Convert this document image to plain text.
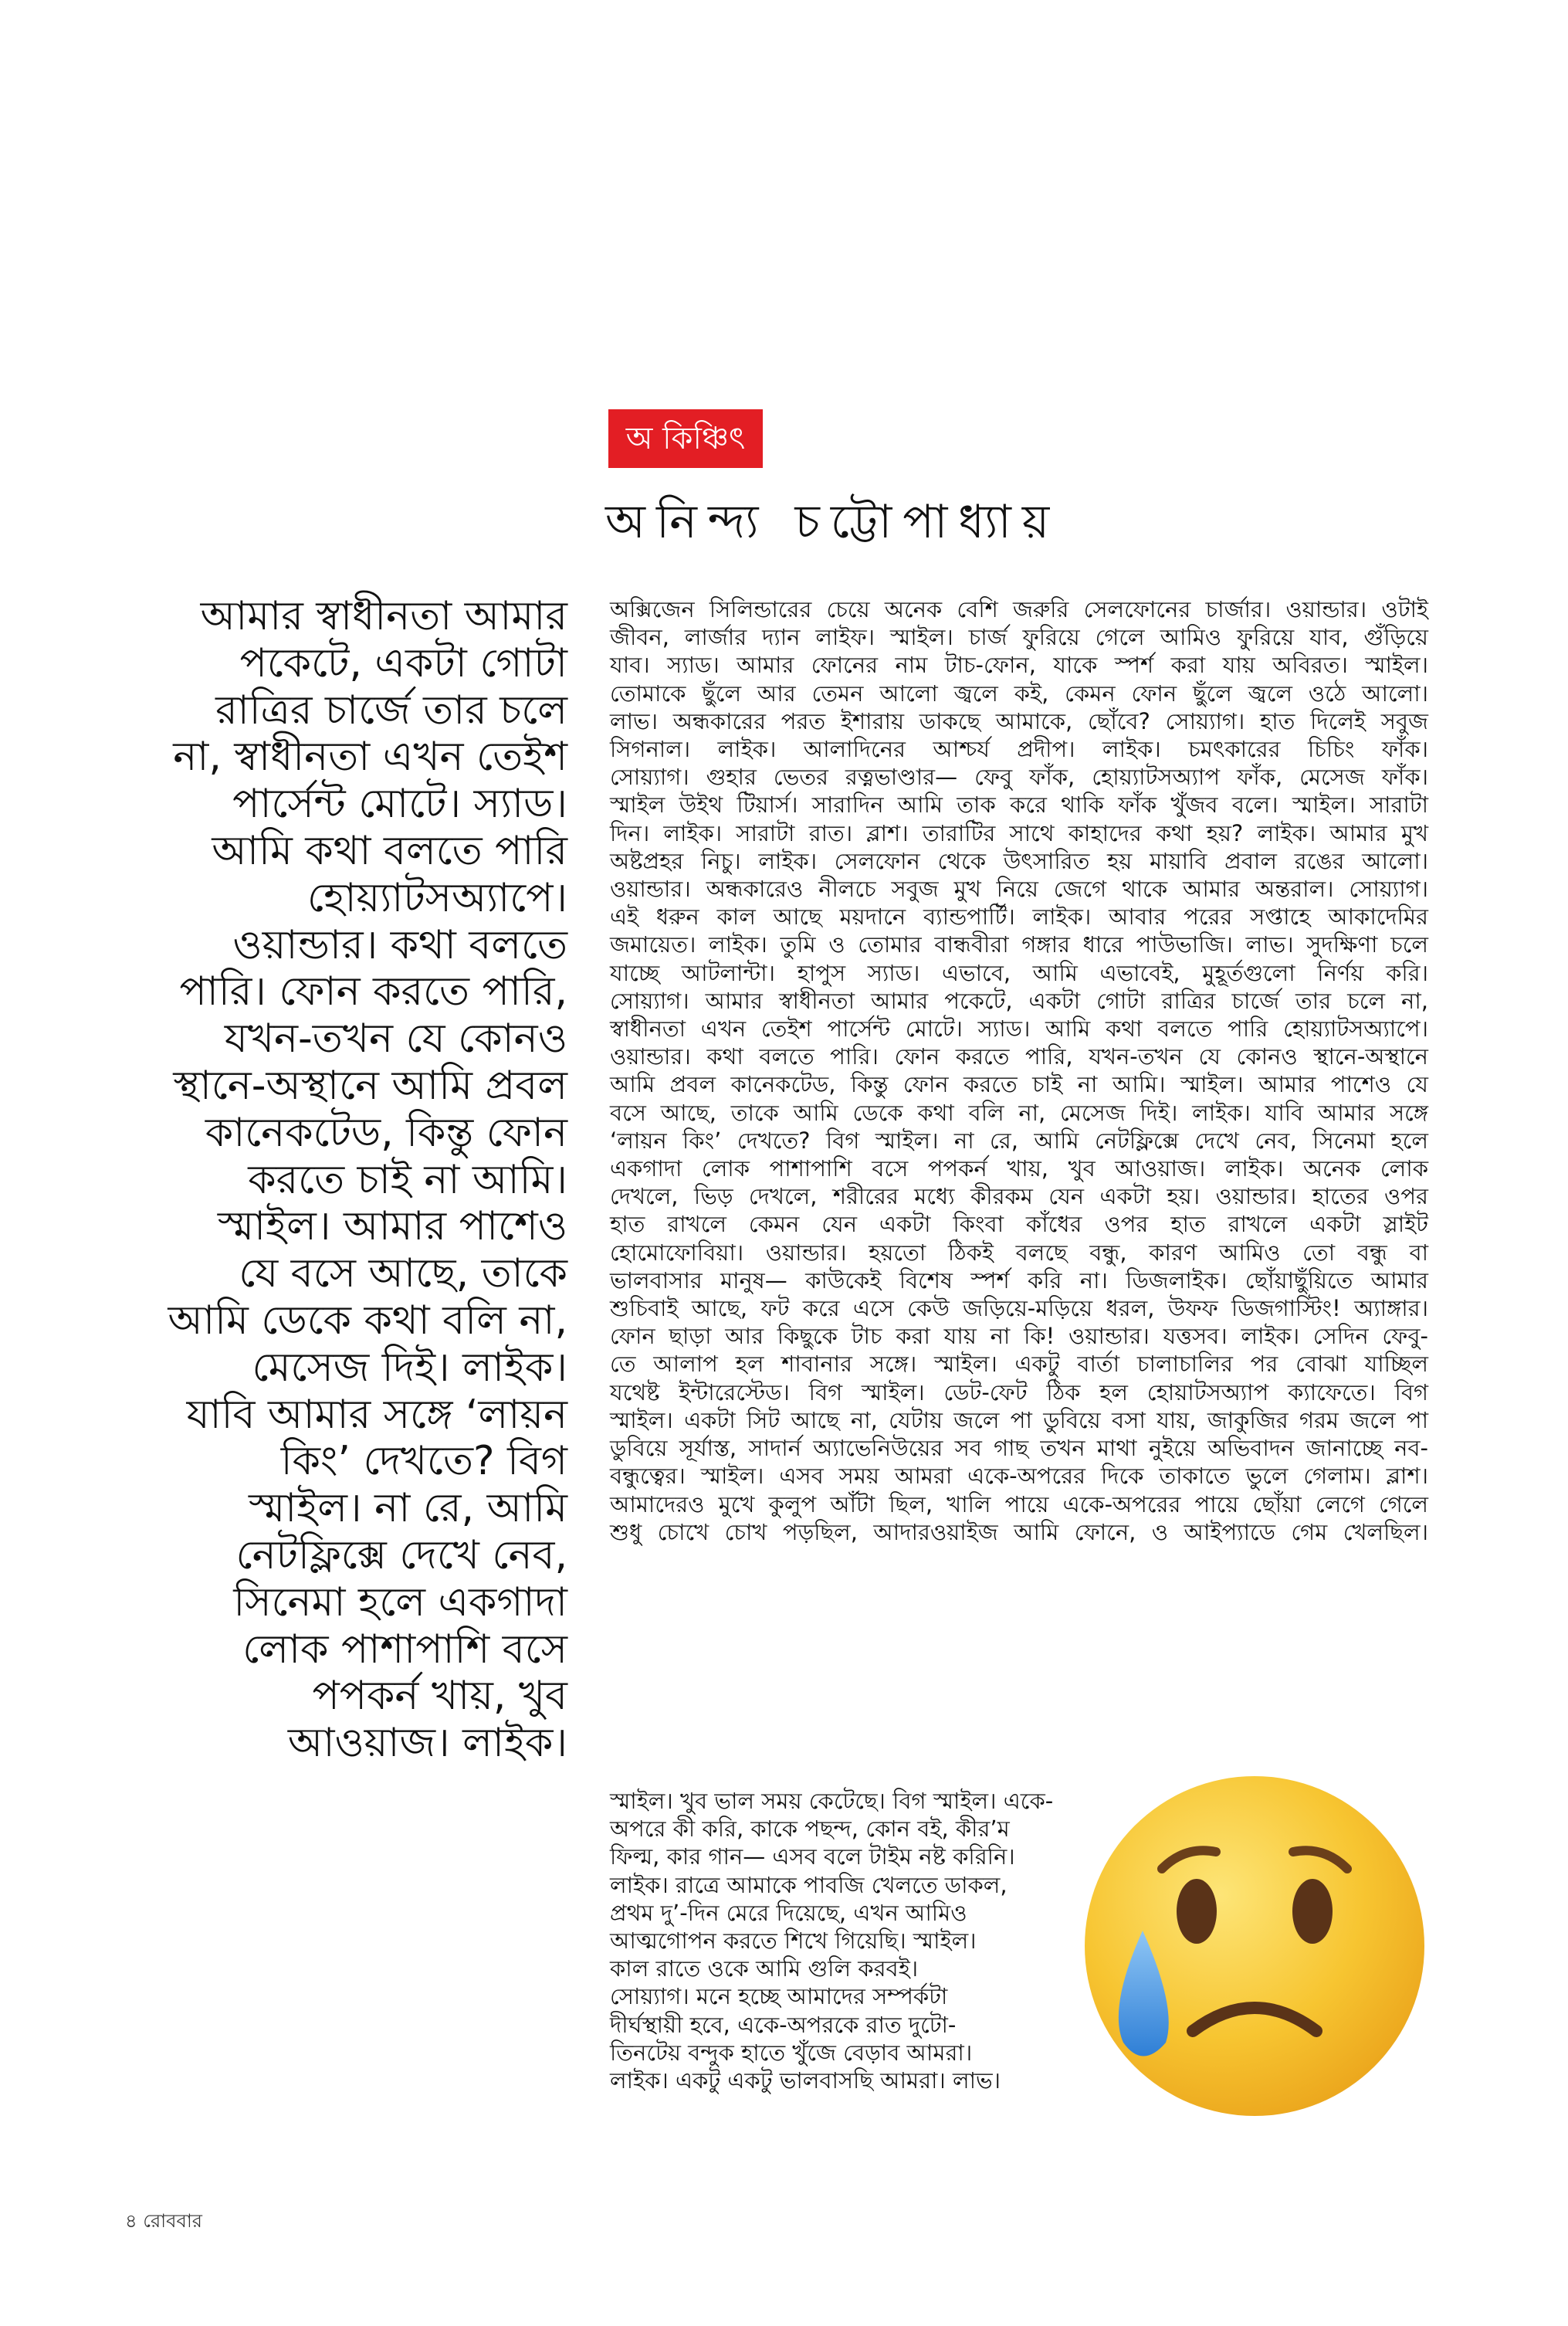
অ কিঞ্চিৎ
অনিন্দ্য চট্টোপাধ্যায়
আমার স্বাধীনতা আমার
পকেটে, একটা গোটা
রাত্রির চার্জে তার চলে
না, স্বাধীনতা এখন তেইশ
পার্সেন্ট মোটে। স্যাড।
আমি কথা বলতে পারি
হোয়্যাটসঅ্যাপে।
ওয়ান্ডার। কথা বলতে
পারি। ফোন করতে পারি,
যখন-তখন যে কোনও
স্থানে-অস্থানে আমি প্রবল
কানেকটেড, কিন্তু ফোন
করতে চাই না আমি।
স্মাইল। আমার পাশেও
যে বসে আছে, তাকে
আমি ডেকে কথা বলি না,
মেসেজ দিই। লাইক।
যাবি আমার সঙ্গে ‘লায়ন
কিং’ দেখতে? বিগ
স্মাইল। না রে, আমি
নেটফ্লিক্সে দেখে নেব,
সিনেমা হলে একগাদা
লোক পাশাপাশি বসে
পপকর্ন খায়, খুব
আওয়াজ। লাইক।
অক্সিজেন সিলিন্ডারের চেয়ে অনেক বেশি জরুরি সেলফোনের চার্জার। ওয়ান্ডার। ওটাই
জীবন, লার্জার দ্যান লাইফ। স্মাইল। চার্জ ফুরিয়ে গেলে আমিও ফুরিয়ে যাব, গুঁড়িয়ে
যাব। স্যাড। আমার ফোনের নাম টাচ-ফোন, যাকে স্পর্শ করা যায় অবিরত। স্মাইল।
তোমাকে ছুঁলে আর তেমন আলো জ্বলে কই, কেমন ফোন ছুঁলে জ্বলে ওঠে আলো।
লাভ। অন্ধকারের পরত ইশারায় ডাকছে আমাকে, ছোঁবে? সোয়্যাগ। হাত দিলেই সবুজ
সিগনাল। লাইক। আলাদিনের আশ্চর্য প্রদীপ। লাইক। চমৎকারের চিচিং ফাঁক।
সোয়্যাগ। গুহার ভেতর রত্নভাণ্ডার— ফেবু ফাঁক, হোয়্যাটসঅ্যাপ ফাঁক, মেসেজ ফাঁক।
স্মাইল উইথ টিয়ার্স। সারাদিন আমি তাক করে থাকি ফাঁক খুঁজব বলে। স্মাইল। সারাটা
দিন। লাইক। সারাটা রাত। ব্লাশ। তারাটির সাথে কাহাদের কথা হয়? লাইক। আমার মুখ
অষ্টপ্রহর নিচু। লাইক। সেলফোন থেকে উৎসারিত হয় মায়াবি প্রবাল রঙের আলো।
ওয়ান্ডার। অন্ধকারেও নীলচে সবুজ মুখ নিয়ে জেগে থাকে আমার অন্তরাল। সোয়্যাগ।
এই ধরুন কাল আছে ময়দানে ব্যান্ডপার্টি। লাইক। আবার পরের সপ্তাহে আকাদেমির
জমায়েত। লাইক। তুমি ও তোমার বান্ধবীরা গঙ্গার ধারে পাউভাজি। লাভ। সুদক্ষিণা চলে
যাচ্ছে আটলান্টা। হাপুস স্যাড। এভাবে, আমি এভাবেই, মুহূর্তগুলো নির্ণয় করি।
সোয়্যাগ। আমার স্বাধীনতা আমার পকেটে, একটা গোটা রাত্রির চার্জে তার চলে না,
স্বাধীনতা এখন তেইশ পার্সেন্ট মোটে। স্যাড। আমি কথা বলতে পারি হোয়্যাটসঅ্যাপে।
ওয়ান্ডার। কথা বলতে পারি। ফোন করতে পারি, যখন-তখন যে কোনও স্থানে-অস্থানে
আমি প্রবল কানেকটেড, কিন্তু ফোন করতে চাই না আমি। স্মাইল। আমার পাশেও যে
বসে আছে, তাকে আমি ডেকে কথা বলি না, মেসেজ দিই। লাইক। যাবি আমার সঙ্গে
‘লায়ন কিং’ দেখতে? বিগ স্মাইল। না রে, আমি নেটফ্লিক্সে দেখে নেব, সিনেমা হলে
একগাদা লোক পাশাপাশি বসে পপকর্ন খায়, খুব আওয়াজ। লাইক। অনেক লোক
দেখলে, ভিড় দেখলে, শরীরের মধ্যে কীরকম যেন একটা হয়। ওয়ান্ডার। হাতের ওপর
হাত রাখলে কেমন যেন একটা কিংবা কাঁধের ওপর হাত রাখলে একটা স্লাইট
হোমোফোবিয়া। ওয়ান্ডার। হয়তো ঠিকই বলছে বন্ধু, কারণ আমিও তো বন্ধু বা
ভালবাসার মানুষ— কাউকেই বিশেষ স্পর্শ করি না। ডিজলাইক। ছোঁয়াছুঁয়িতে আমার
শুচিবাই আছে, ফট করে এসে কেউ জড়িয়ে-মড়িয়ে ধরল, উফফ ডিজগাস্টিং! অ্যাঙ্গার।
ফোন ছাড়া আর কিছুকে টাচ করা যায় না কি! ওয়ান্ডার। যত্তসব। লাইক। সেদিন ফেবু-
তে আলাপ হল শাবানার সঙ্গে। স্মাইল। একটু বার্তা চালাচালির পর বোঝা যাচ্ছিল
যথেষ্ট ইন্টারেস্টেড। বিগ স্মাইল। ডেট-ফেট ঠিক হল হোয়াটসঅ্যাপ ক্যাফেতে। বিগ
স্মাইল। একটা সিট আছে না, যেটায় জলে পা ডুবিয়ে বসা যায়, জাকুজির গরম জলে পা
ডুবিয়ে সূর্যাস্ত, সাদার্ন অ্যাভেনিউয়ের সব গাছ তখন মাথা নুইয়ে অভিবাদন জানাচ্ছে নব-
বন্ধুত্বের। স্মাইল। এসব সময় আমরা একে-অপরের দিকে তাকাতে ভুলে গেলাম। ব্লাশ।
আমাদেরও মুখে কুলুপ আঁটা ছিল, খালি পায়ে একে-অপরের পায়ে ছোঁয়া লেগে গেলে
শুধু চোখে চোখ পড়ছিল, আদারওয়াইজ আমি ফোনে, ও আইপ্যাডে গেম খেলছিল।
স্মাইল। খুব ভাল সময় কেটেছে। বিগ স্মাইল। একে-
অপরে কী করি, কাকে পছন্দ, কোন বই, কীর’ম
ফিল্ম, কার গান— এসব বলে টাইম নষ্ট করিনি।
লাইক। রাত্রে আমাকে পাবজি খেলতে ডাকল,
প্রথম দু’-দিন মেরে দিয়েছে, এখন আমিও
আত্মগোপন করতে শিখে গিয়েছি। স্মাইল।
কাল রাতে ওকে আমি গুলি করবই।
সোয়্যাগ। মনে হচ্ছে আমাদের সম্পর্কটা
দীর্ঘস্থায়ী হবে, একে-অপরকে রাত দুটো-
তিনটেয় বন্দুক হাতে খুঁজে বেড়াব আমরা।
লাইক। একটু একটু ভালবাসছি আমরা। লাভ।
৪ রোববার
